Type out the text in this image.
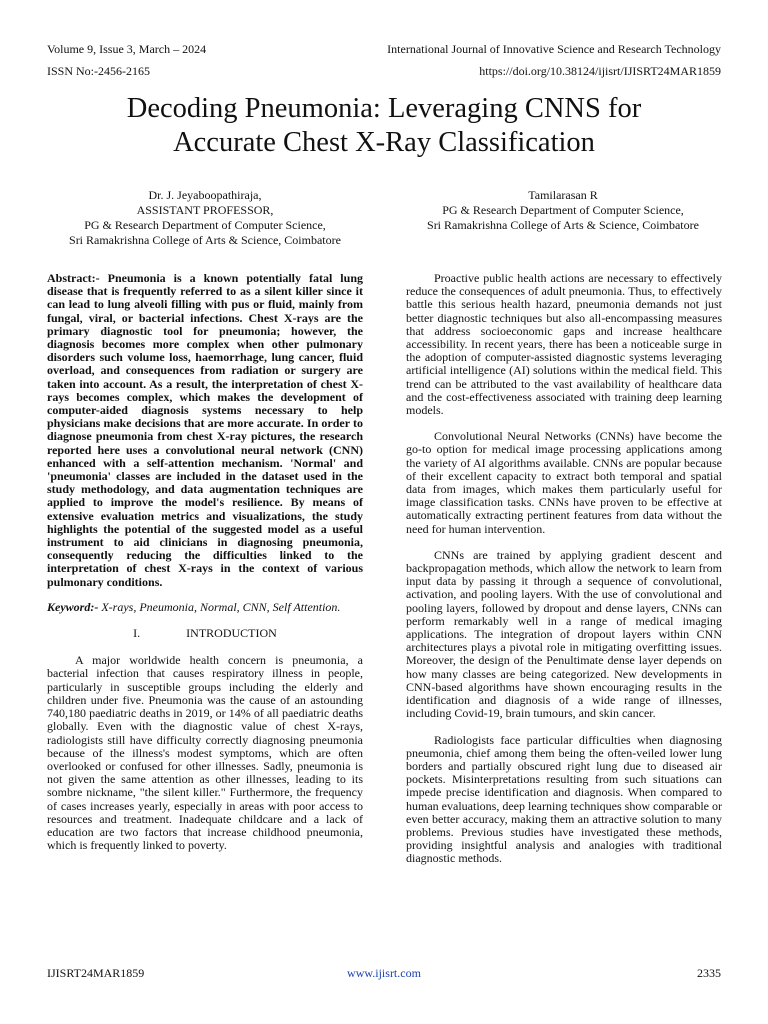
Volume 9, Issue 3, March – 2024	International Journal of Innovative Science and Research Technology
ISSN No:-2456-2165	https://doi.org/10.38124/ijisrt/IJISRT24MAR1859
Decoding Pneumonia: Leveraging CNNS for
Accurate Chest X-Ray Classification
Dr. J. Jeyaboopathiraja,
ASSISTANT PROFESSOR,
PG & Research Department of Computer Science,
Sri Ramakrishna College of Arts & Science, Coimbatore
Tamilarasan R
PG & Research Department of Computer Science,
Sri Ramakrishna College of Arts & Science, Coimbatore

Abstract:- Pneumonia is a known potentially fatal lung disease that is frequently referred to as a silent killer since it can lead to lung alveoli filling with pus or fluid, mainly from fungal, viral, or bacterial infections. Chest X-rays are the primary diagnostic tool for pneumonia; however, the diagnosis becomes more complex when other pulmonary disorders such volume loss, haemorrhage, lung cancer, fluid overload, and consequences from radiation or surgery are taken into account. As a result, the interpretation of chest X-rays becomes complex, which makes the development of computer-aided diagnosis systems necessary to help physicians make decisions that are more accurate. In order to diagnose pneumonia from chest X-ray pictures, the research reported here uses a convolutional neural network (CNN) enhanced with a self-attention mechanism. 'Normal' and 'pneumonia' classes are included in the dataset used in the study methodology, and data augmentation techniques are applied to improve the model's resilience. By means of extensive evaluation metrics and visualizations, the study highlights the potential of the suggested model as a useful instrument to aid clinicians in diagnosing pneumonia, consequently reducing the difficulties linked to the interpretation of chest X-rays in the context of various pulmonary conditions.

Keyword:- X-rays, Pneumonia, Normal, CNN, Self Attention.

I.	INTRODUCTION

A major worldwide health concern is pneumonia, a bacterial infection that causes respiratory illness in people, particularly in susceptible groups including the elderly and children under five. Pneumonia was the cause of an astounding 740,180 paediatric deaths in 2019, or 14% of all paediatric deaths globally. Even with the diagnostic value of chest X-rays, radiologists still have difficulty correctly diagnosing pneumonia because of the illness's modest symptoms, which are often overlooked or confused for other illnesses. Sadly, pneumonia is not given the same attention as other illnesses, leading to its sombre nickname, "the silent killer." Furthermore, the frequency of cases increases yearly, especially in areas with poor access to resources and treatment. Inadequate childcare and a lack of education are two factors that increase childhood pneumonia, which is frequently linked to poverty.

Proactive public health actions are necessary to effectively reduce the consequences of adult pneumonia. Thus, to effectively battle this serious health hazard, pneumonia demands not just better diagnostic techniques but also all-encompassing measures that address socioeconomic gaps and increase healthcare accessibility. In recent years, there has been a noticeable surge in the adoption of computer-assisted diagnostic systems leveraging artificial intelligence (AI) solutions within the medical field. This trend can be attributed to the vast availability of healthcare data and the cost-effectiveness associated with training deep learning models.

Convolutional Neural Networks (CNNs) have become the go-to option for medical image processing applications among the variety of AI algorithms available. CNNs are popular because of their excellent capacity to extract both temporal and spatial data from images, which makes them particularly useful for image classification tasks. CNNs have proven to be effective at automatically extracting pertinent features from data without the need for human intervention.

CNNs are trained by applying gradient descent and backpropagation methods, which allow the network to learn from input data by passing it through a sequence of convolutional, activation, and pooling layers. With the use of convolutional and pooling layers, followed by dropout and dense layers, CNNs can perform remarkably well in a range of medical imaging applications. The integration of dropout layers within CNN architectures plays a pivotal role in mitigating overfitting issues. Moreover, the design of the Penultimate dense layer depends on how many classes are being categorized. New developments in CNN-based algorithms have shown encouraging results in the identification and diagnosis of a wide range of illnesses, including Covid-19, brain tumours, and skin cancer.

Radiologists face particular difficulties when diagnosing pneumonia, chief among them being the often-veiled lower lung borders and partially obscured right lung due to diseased air pockets. Misinterpretations resulting from such situations can impede precise identification and diagnosis. When compared to human evaluations, deep learning techniques show comparable or even better accuracy, making them an attractive solution to many problems. Previous studies have investigated these methods, providing insightful analysis and analogies with traditional diagnostic methods.

IJISRT24MAR1859	www.ijisrt.com	2335
